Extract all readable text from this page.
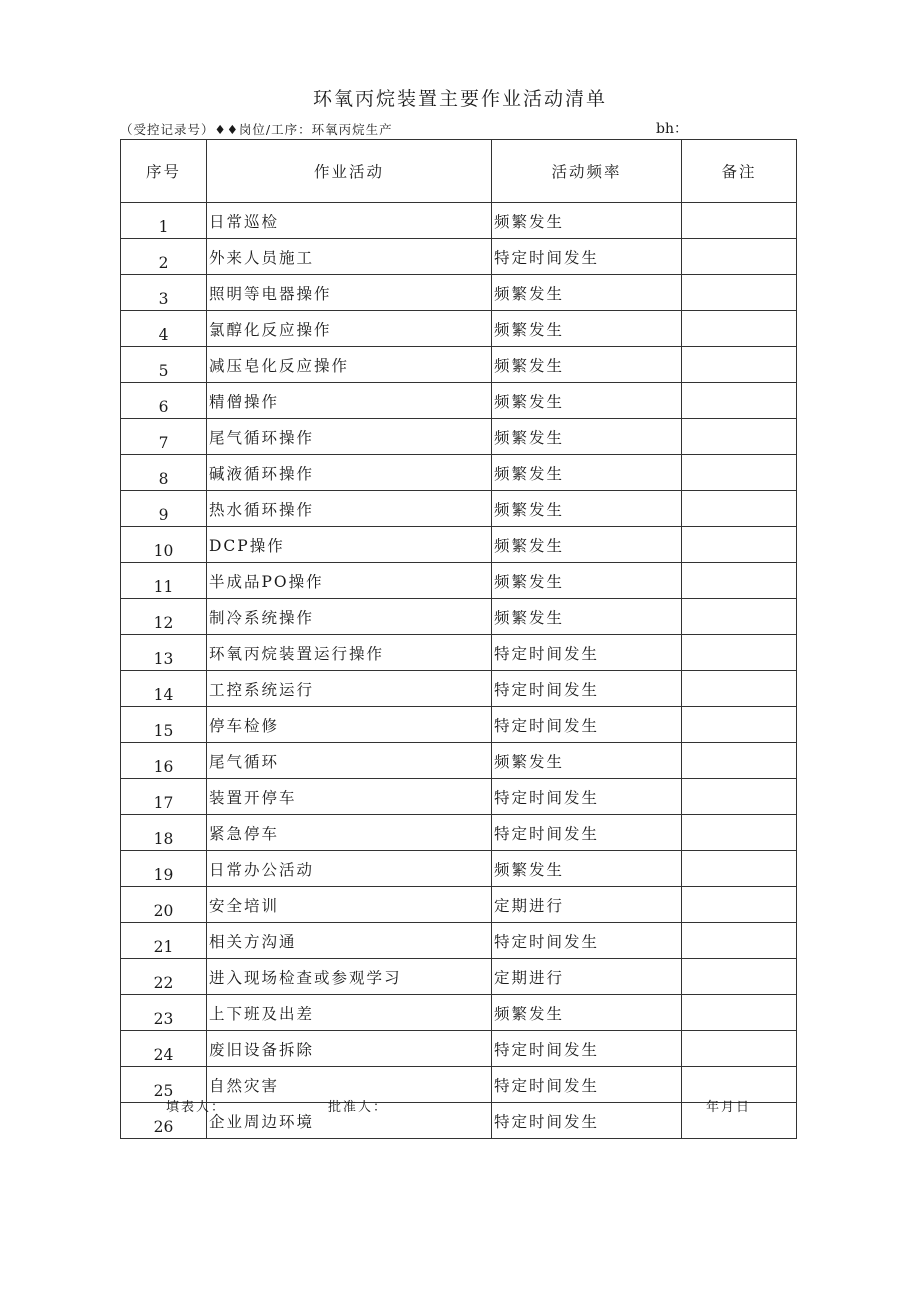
环氧丙烷装置主要作业活动清单
（受控记录号）♦♦岗位/工序：环氧丙烷生产	bh：
序号	作业活动	活动频率	备注
1	日常巡检	频繁发生	
2	外来人员施工	特定时间发生	
3	照明等电器操作	频繁发生	
4	氯醇化反应操作	频繁发生	
5	减压皂化反应操作	频繁发生	
6	精僧操作	频繁发生	
7	尾气循环操作	频繁发生	
8	碱液循环操作	频繁发生	
9	热水循环操作	频繁发生	
10	DCP操作	频繁发生	
11	半成品PO操作	频繁发生	
12	制冷系统操作	频繁发生	
13	环氧丙烷装置运行操作	特定时间发生	
14	工控系统运行	特定时间发生	
15	停车检修	特定时间发生	
16	尾气循环	频繁发生	
17	装置开停车	特定时间发生	
18	紧急停车	特定时间发生	
19	日常办公活动	频繁发生	
20	安全培训	定期进行	
21	相关方沟通	特定时间发生	
22	进入现场检查或参观学习	定期进行	
23	上下班及出差	频繁发生	
24	废旧设备拆除	特定时间发生	
25	自然灾害	特定时间发生	
26	企业周边环境	特定时间发生	
填表人：	批准人：	年月日
